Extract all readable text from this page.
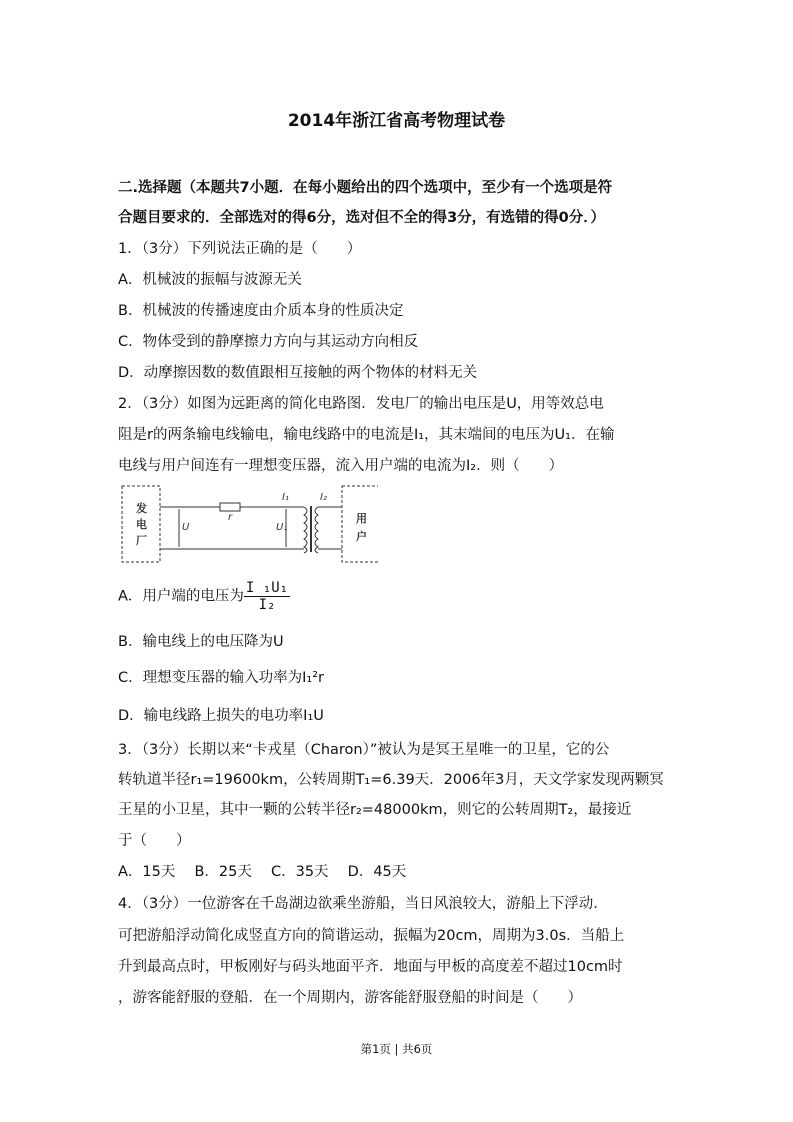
2014年浙江省高考物理试卷
二.选择题（本题共7小题．在每小题给出的四个选项中，至少有一个选项是符
合题目要求的．全部选对的得6分，选对但不全的得3分，有选错的得0分．）
1．（3分）下列说法正确的是（　　）
A．机械波的振幅与波源无关
B．机械波的传播速度由介质本身的性质决定
C．物体受到的静摩擦力方向与其运动方向相反
D．动摩擦因数的数值跟相互接触的两个物体的材料无关
2．（3分）如图为远距离的简化电路图．发电厂的输出电压是U，用等效总电
阻是r的两条输电线输电，输电线路中的电流是I₁，其末端间的电压为U₁．在输
电线与用户间连有一理想变压器，流入用户端的电流为I₂．则（　　）
发
电
厂
用
户
r
U	U₁
I₁	I₂
A．用户端的电压为 $\frac{\text{I ₁U₁}}{\text{I₂}}$
B．输电线上的电压降为U
C．理想变压器的输入功率为I₁²r
D．输电线路上损失的电功率I₁U
3．（3分）长期以来“卡戎星（Charon）”被认为是冥王星唯一的卫星，它的公
转轨道半径r₁=19600km，公转周期T₁=6.39天．2006年3月，天文学家发现两颗冥
王星的小卫星，其中一颗的公转半径r₂=48000km，则它的公转周期T₂，最接近
于（　　）
A．15天　 B．25天　 C．35天　 D．45天
4．（3分）一位游客在千岛湖边欲乘坐游船，当日风浪较大，游船上下浮动．
可把游船浮动简化成竖直方向的简谐运动，振幅为20cm，周期为3.0s．当船上
升到最高点时，甲板刚好与码头地面平齐．地面与甲板的高度差不超过10cm时
，游客能舒服的登船．在一个周期内，游客能舒服登船的时间是（　　）
第1页 | 共6页
